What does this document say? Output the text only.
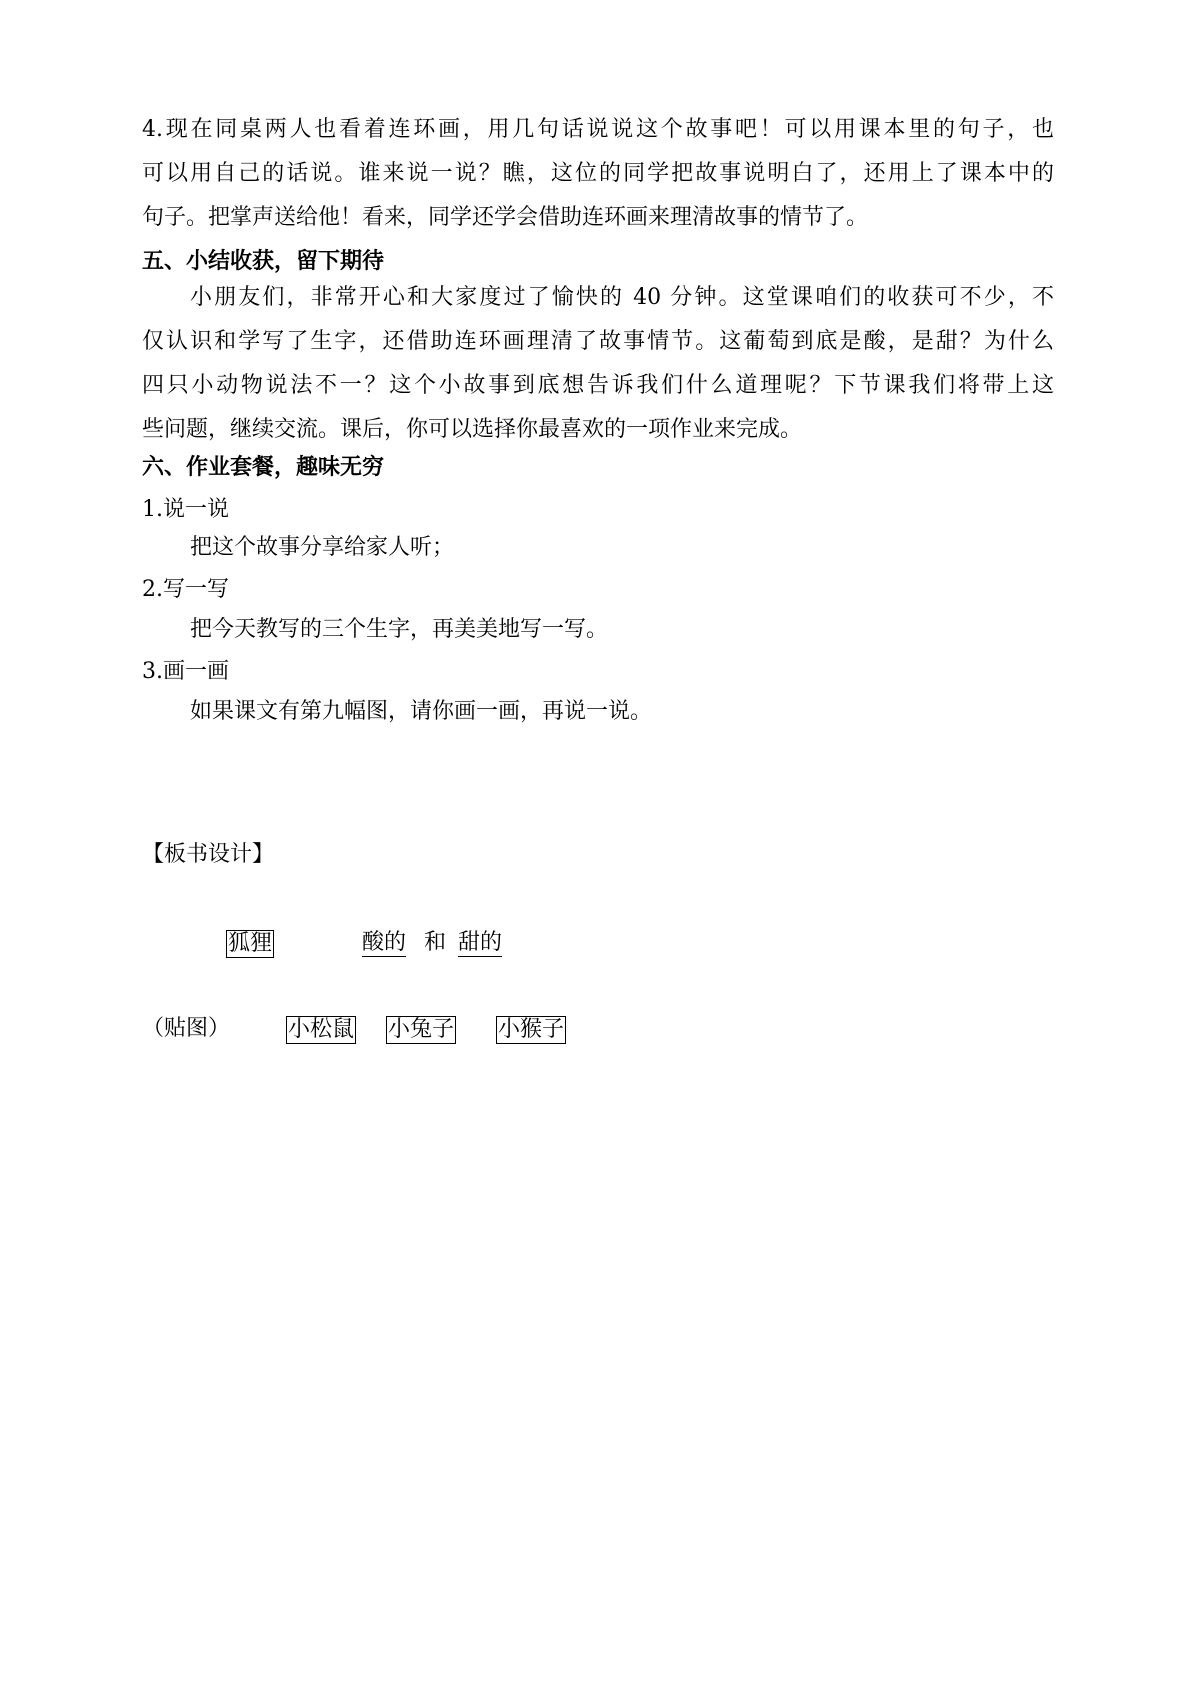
4.现在同桌两人也看着连环画，用几句话说说这个故事吧！可以用课本里的句子，也
可以用自己的话说。谁来说一说？瞧，这位的同学把故事说明白了，还用上了课本中的
句子。把掌声送给他！看来，同学还学会借助连环画来理清故事的情节了。
五、小结收获，留下期待
小朋友们，非常开心和大家度过了愉快的 40 分钟。这堂课咱们的收获可不少，不
仅认识和学写了生字，还借助连环画理清了故事情节。这葡萄到底是酸，是甜？为什么
四只小动物说法不一？这个小故事到底想告诉我们什么道理呢？下节课我们将带上这
些问题，继续交流。课后，你可以选择你最喜欢的一项作业来完成。
六、作业套餐，趣味无穷
1.说一说
把这个故事分享给家人听；
2.写一写
把今天教写的三个生字，再美美地写一写。
3.画一画
如果课文有第九幅图，请你画一画，再说一说。
【板书设计】
狐狸	酸的 和 甜的
（贴图）	小松鼠 小兔子 小猴子
